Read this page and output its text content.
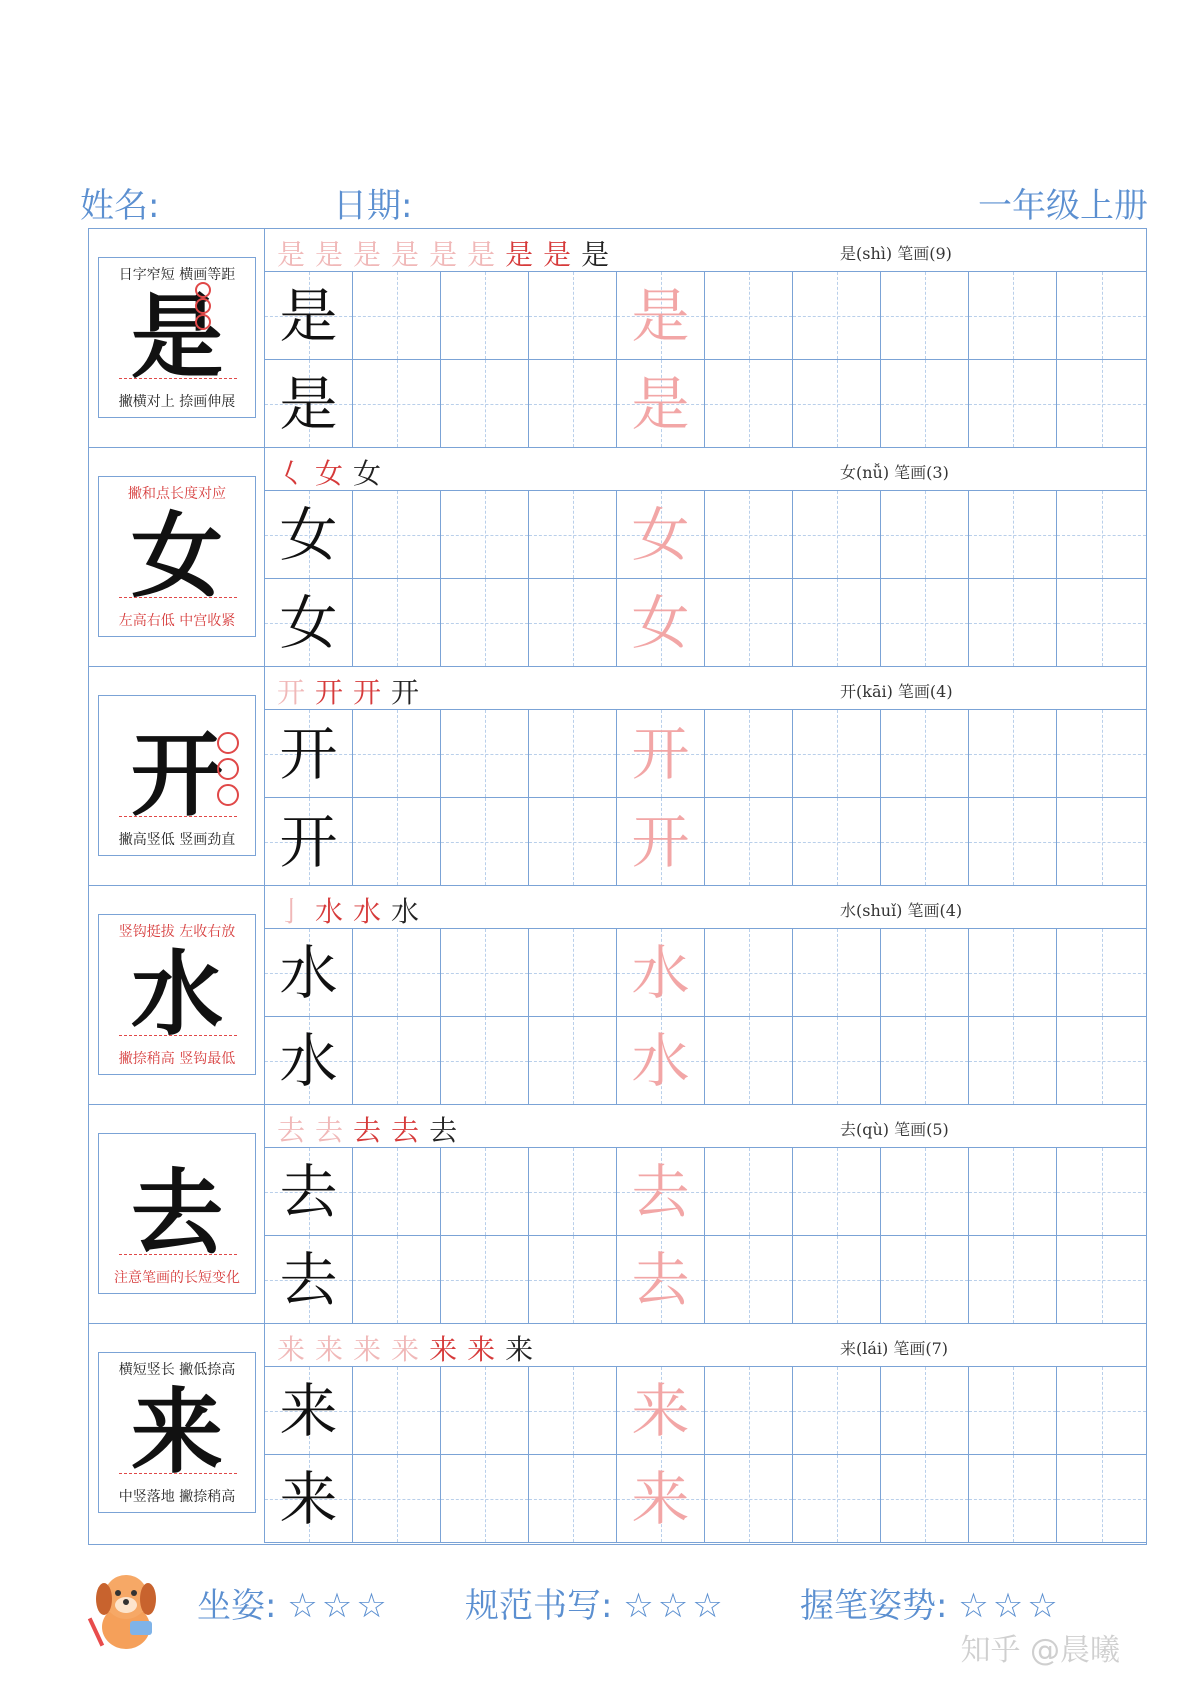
姓名:	日期:	一年级上册
日字窄短 横画等距
是
撇横对上 捺画伸展
是是是是是是是是是	是(shì) 笔画(9)
是	是
是	是
撇和点长度对应
女
左高右低 中宫收紧
𡿨女女	女(nǚ) 笔画(3)
女	女
女	女
开
撇高竖低 竖画劲直
开开开开	开(kāi) 笔画(4)
开	开
开	开
竖钩挺拔 左收右放
水
撇捺稍高 竖钩最低
亅水水水	水(shuǐ) 笔画(4)
水	水
水	水
去
注意笔画的长短变化
去去去去去	去(qù) 笔画(5)
去	去
去	去
横短竖长 撇低捺高
来
中竖落地 撇捺稍高
来来来来来来来	来(lái) 笔画(7)
来	来
来	来
坐姿: ☆☆☆ 规范书写: ☆☆☆ 握笔姿势: ☆☆☆
知乎 @晨曦
